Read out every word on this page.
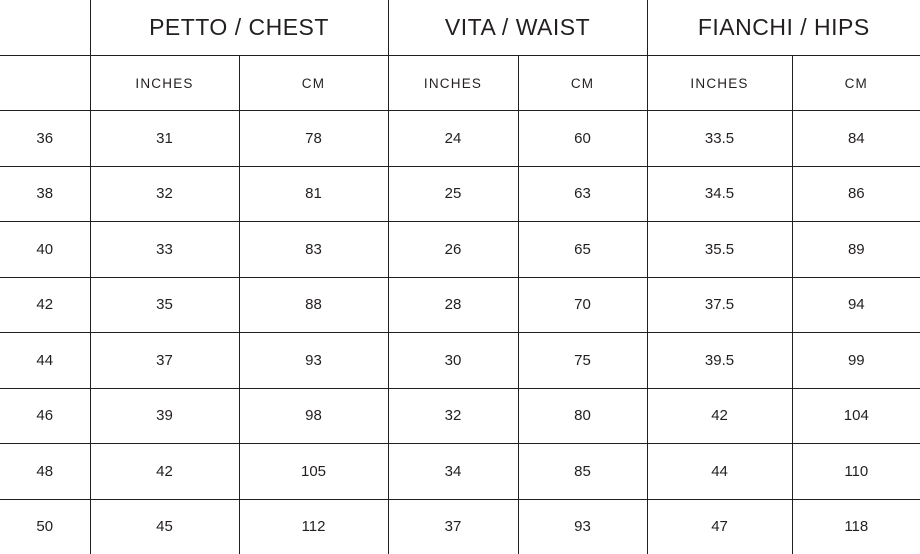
	PETTO / CHEST		VITA / WAIST		FIANCHI / HIPS	
	INCHES	CM	INCHES	CM	INCHES	CM
36	31	78	24	60	33.5	84
38	32	81	25	63	34.5	86
40	33	83	26	65	35.5	89
42	35	88	28	70	37.5	94
44	37	93	30	75	39.5	99
46	39	98	32	80	42	104
48	42	105	34	85	44	110
50	45	112	37	93	47	118
